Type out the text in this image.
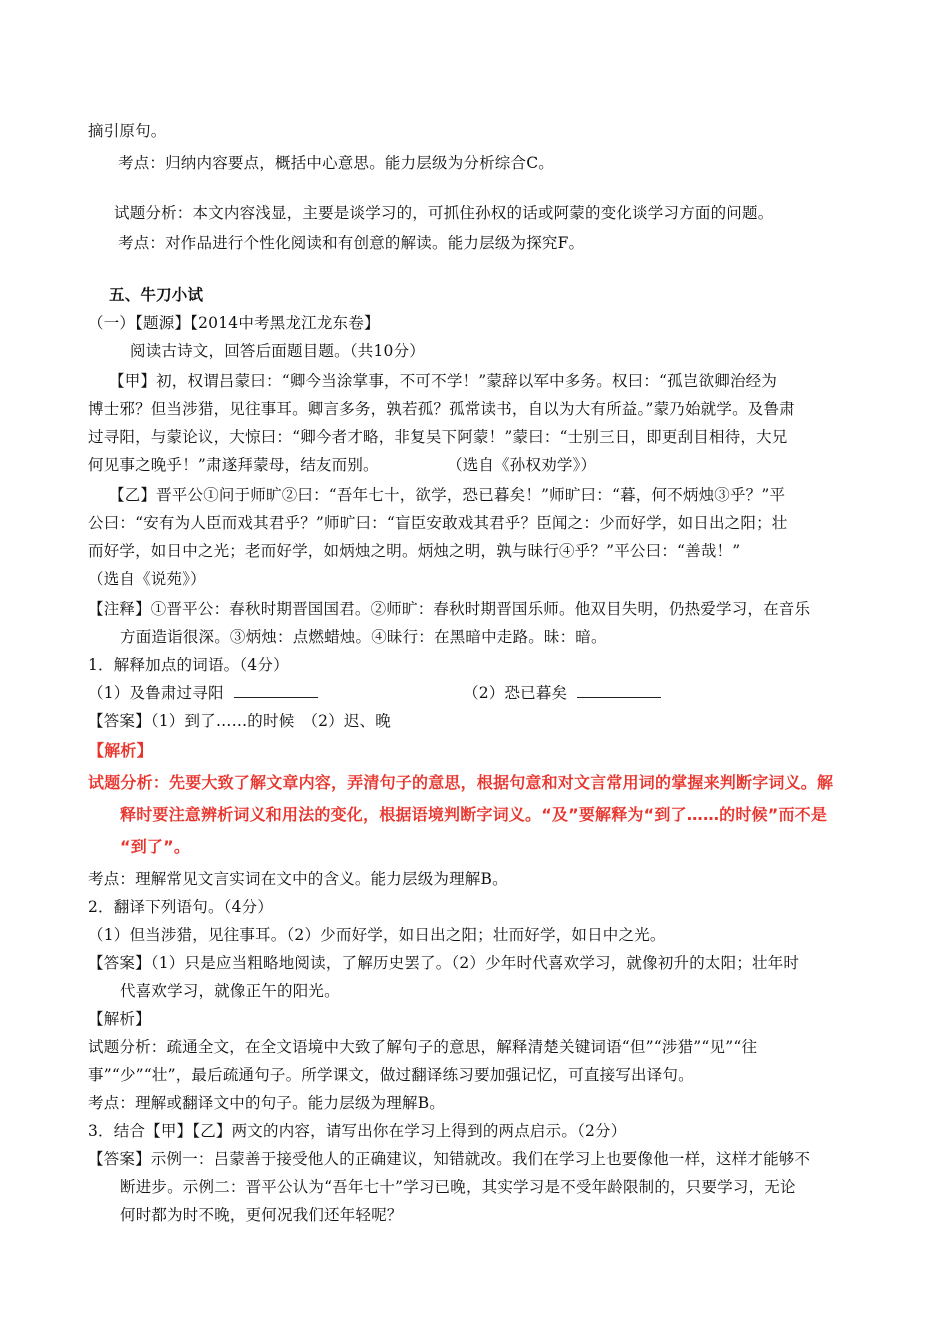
摘引原句。
考点：归纳内容要点，概括中心意思。能力层级为分析综合C。
试题分析：本文内容浅显，主要是谈学习的，可抓住孙权的话或阿蒙的变化谈学习方面的问题。
考点：对作品进行个性化阅读和有创意的解读。能力层级为探究F。
五、牛刀小试
（一）【题源】【2014中考黑龙江龙东卷】
阅读古诗文，回答后面题目题。（共10分）
【甲】初，权谓吕蒙曰：“卿今当涂掌事，不可不学！”蒙辞以军中多务。权曰：“孤岂欲卿治经为
博士邪？但当涉猎，见往事耳。卿言多务，孰若孤？孤常读书，自以为大有所益。”蒙乃始就学。及鲁肃
过寻阳，与蒙论议，大惊曰：“卿今者才略，非复吴下阿蒙！”蒙曰：“士别三日，即更刮目相待，大兄
何见事之晚乎！”肃遂拜蒙母，结友而别。	（选自《孙权劝学》）
【乙】晋平公①问于师旷②曰：“吾年七十，欲学，恐已暮矣！”师旷曰：“暮，何不炳烛③乎？”平
公曰：“安有为人臣而戏其君乎？”师旷曰：“盲臣安敢戏其君乎？臣闻之：少而好学，如日出之阳；壮
而好学，如日中之光；老而好学，如炳烛之明。炳烛之明，孰与昧行④乎？”平公曰：“善哉！”
（选自《说苑》）
【注释】①晋平公：春秋时期晋国国君。②师旷：春秋时期晋国乐师。他双目失明，仍热爱学习，在音乐
方面造诣很深。③炳烛：点燃蜡烛。④昧行：在黑暗中走路。昧：暗。
1．解释加点的词语。（4分）
（1）及鲁肃过寻阳	（2）恐已暮矣
【答案】（1）到了……的时候　（2）迟、晚
【解析】
试题分析：先要大致了解文章内容，弄清句子的意思，根据句意和对文言常用词的掌握来判断字词义。解
释时要注意辨析词义和用法的变化，根据语境判断字词义。“及”要解释为“到了……的时候”而不是
“到了”。
考点：理解常见文言实词在文中的含义。能力层级为理解B。
2．翻译下列语句。（4分）
（1）但当涉猎，见往事耳。（2）少而好学，如日出之阳；壮而好学，如日中之光。
【答案】（1）只是应当粗略地阅读，了解历史罢了。（2）少年时代喜欢学习，就像初升的太阳；壮年时
代喜欢学习，就像正午的阳光。
【解析】
试题分析：疏通全文，在全文语境中大致了解句子的意思，解释清楚关键词语“但”“涉猎”“见”“往
事”“少”“壮”，最后疏通句子。所学课文，做过翻译练习要加强记忆，可直接写出译句。
考点：理解或翻译文中的句子。能力层级为理解B。
3．结合【甲】【乙】两文的内容，请写出你在学习上得到的两点启示。（2分）
【答案】示例一：吕蒙善于接受他人的正确建议，知错就改。我们在学习上也要像他一样，这样才能够不
断进步。示例二：晋平公认为“吾年七十”学习已晚，其实学习是不受年龄限制的，只要学习，无论
何时都为时不晚，更何况我们还年轻呢？
